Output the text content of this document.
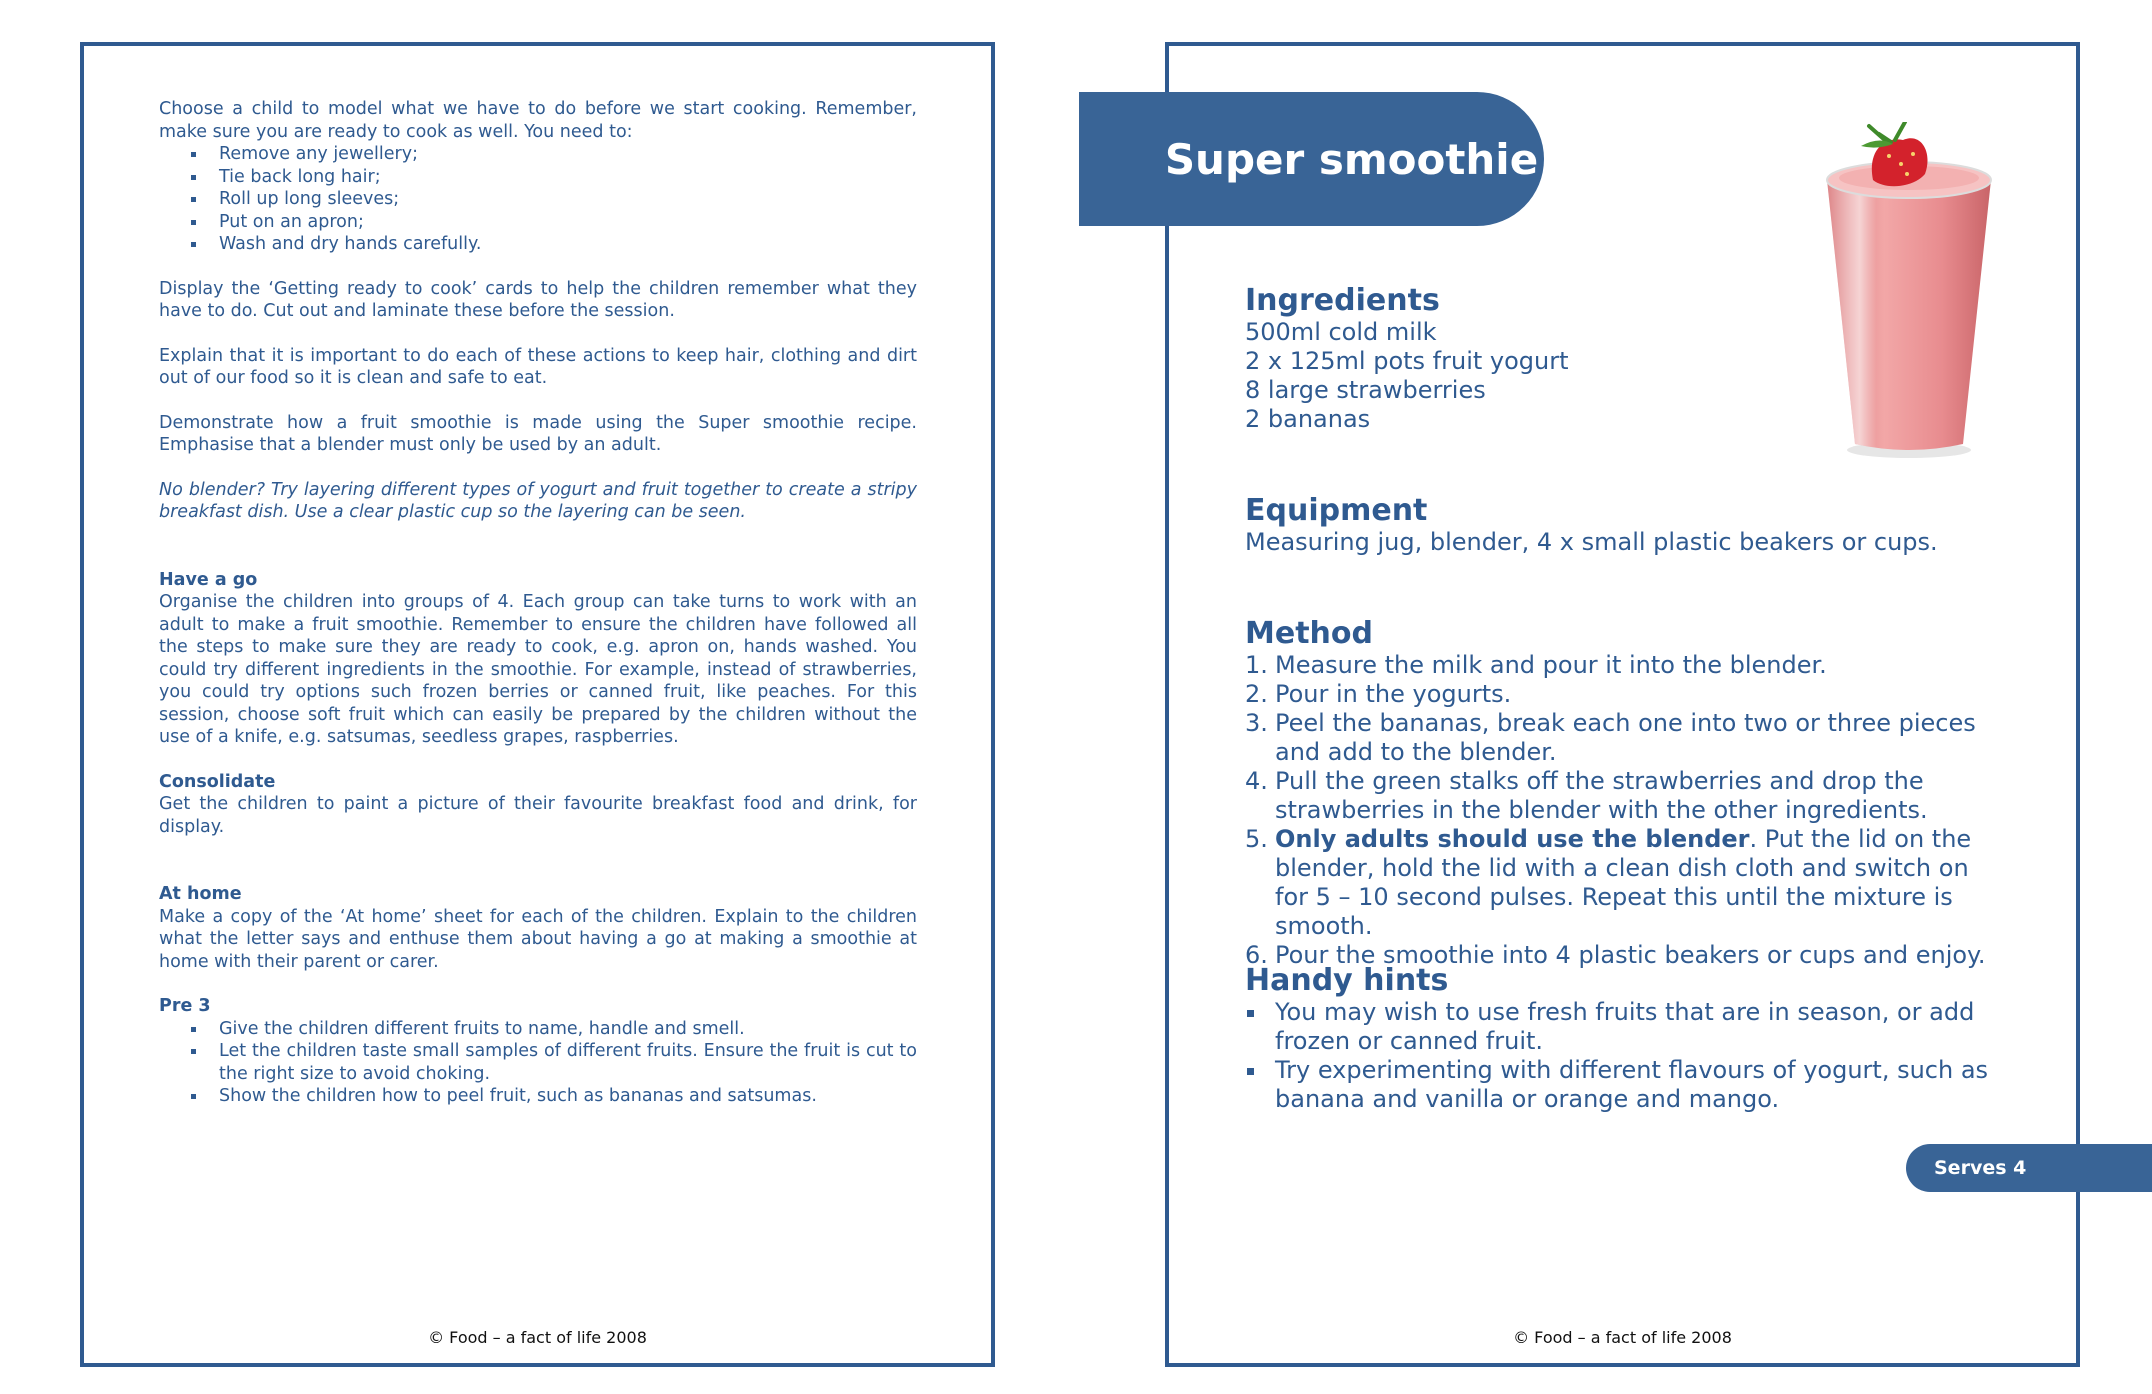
Choose a child to model what we have to do before we start cooking. Remember, make sure you are ready to cook as well. You need to:

Remove any jewellery;
Tie back long hair;
Roll up long sleeves;
Put on an apron;
Wash and dry hands carefully.

Display the ‘Getting ready to cook’ cards to help the children remember what they have to do. Cut out and laminate these before the session.

Explain that it is important to do each of these actions to keep hair, clothing and dirt out of our food so it is clean and safe to eat.

Demonstrate how a fruit smoothie is made using the Super smoothie recipe. Emphasise that a blender must only be used by an adult.

No blender? Try layering different types of yogurt and fruit together to create a stripy breakfast dish. Use a clear plastic cup so the layering can be seen.

Have a go

Organise the children into groups of 4. Each group can take turns to work with an adult to make a fruit smoothie. Remember to ensure the children have followed all the steps to make sure they are ready to cook, e.g. apron on, hands washed. You could try different ingredients in the smoothie. For example, instead of strawberries, you could try options such frozen berries or canned fruit, like peaches. For this session, choose soft fruit which can easily be prepared by the children without the use of a knife, e.g. satsumas, seedless grapes, raspberries.

Consolidate

Get the children to paint a picture of their favourite breakfast food and drink, for display.

At home

Make a copy of the ‘At home’ sheet for each of the children. Explain to the children what the letter says and enthuse them about having a go at making a smoothie at home with their parent or carer.

Pre 3
Give the children different fruits to name, handle and smell.
Let the children taste small samples of different fruits. Ensure the fruit is cut to the right size to avoid choking.
Show the children how to peel fruit, such as bananas and satsumas.
© Food – a fact of life 2008
Super smoothie
Ingredients

500ml cold milk

2 x 125ml pots fruit yogurt

8 large strawberries

2 bananas

Equipment

Measuring jug, blender, 4 x small plastic beakers or cups.

Method
1. Measure the milk and pour it into the blender.
2. Pour in the yogurts.
3. Peel the bananas, break each one into two or three pieces and add to the blender.
4. Pull the green stalks off the strawberries and drop the strawberries in the blender with the other ingredients.
5. Only adults should use the blender. Put the lid on the blender, hold the lid with a clean dish cloth and switch on for 5 – 10 second pulses. Repeat this until the mixture is smooth.
6. Pour the smoothie into 4 plastic beakers or cups and enjoy.
Handy hints
You may wish to use fresh fruits that are in season, or add frozen or canned fruit.
Try experimenting with different flavours of yogurt, such as banana and vanilla or orange and mango.
Serves 4
© Food – a fact of life 2008
